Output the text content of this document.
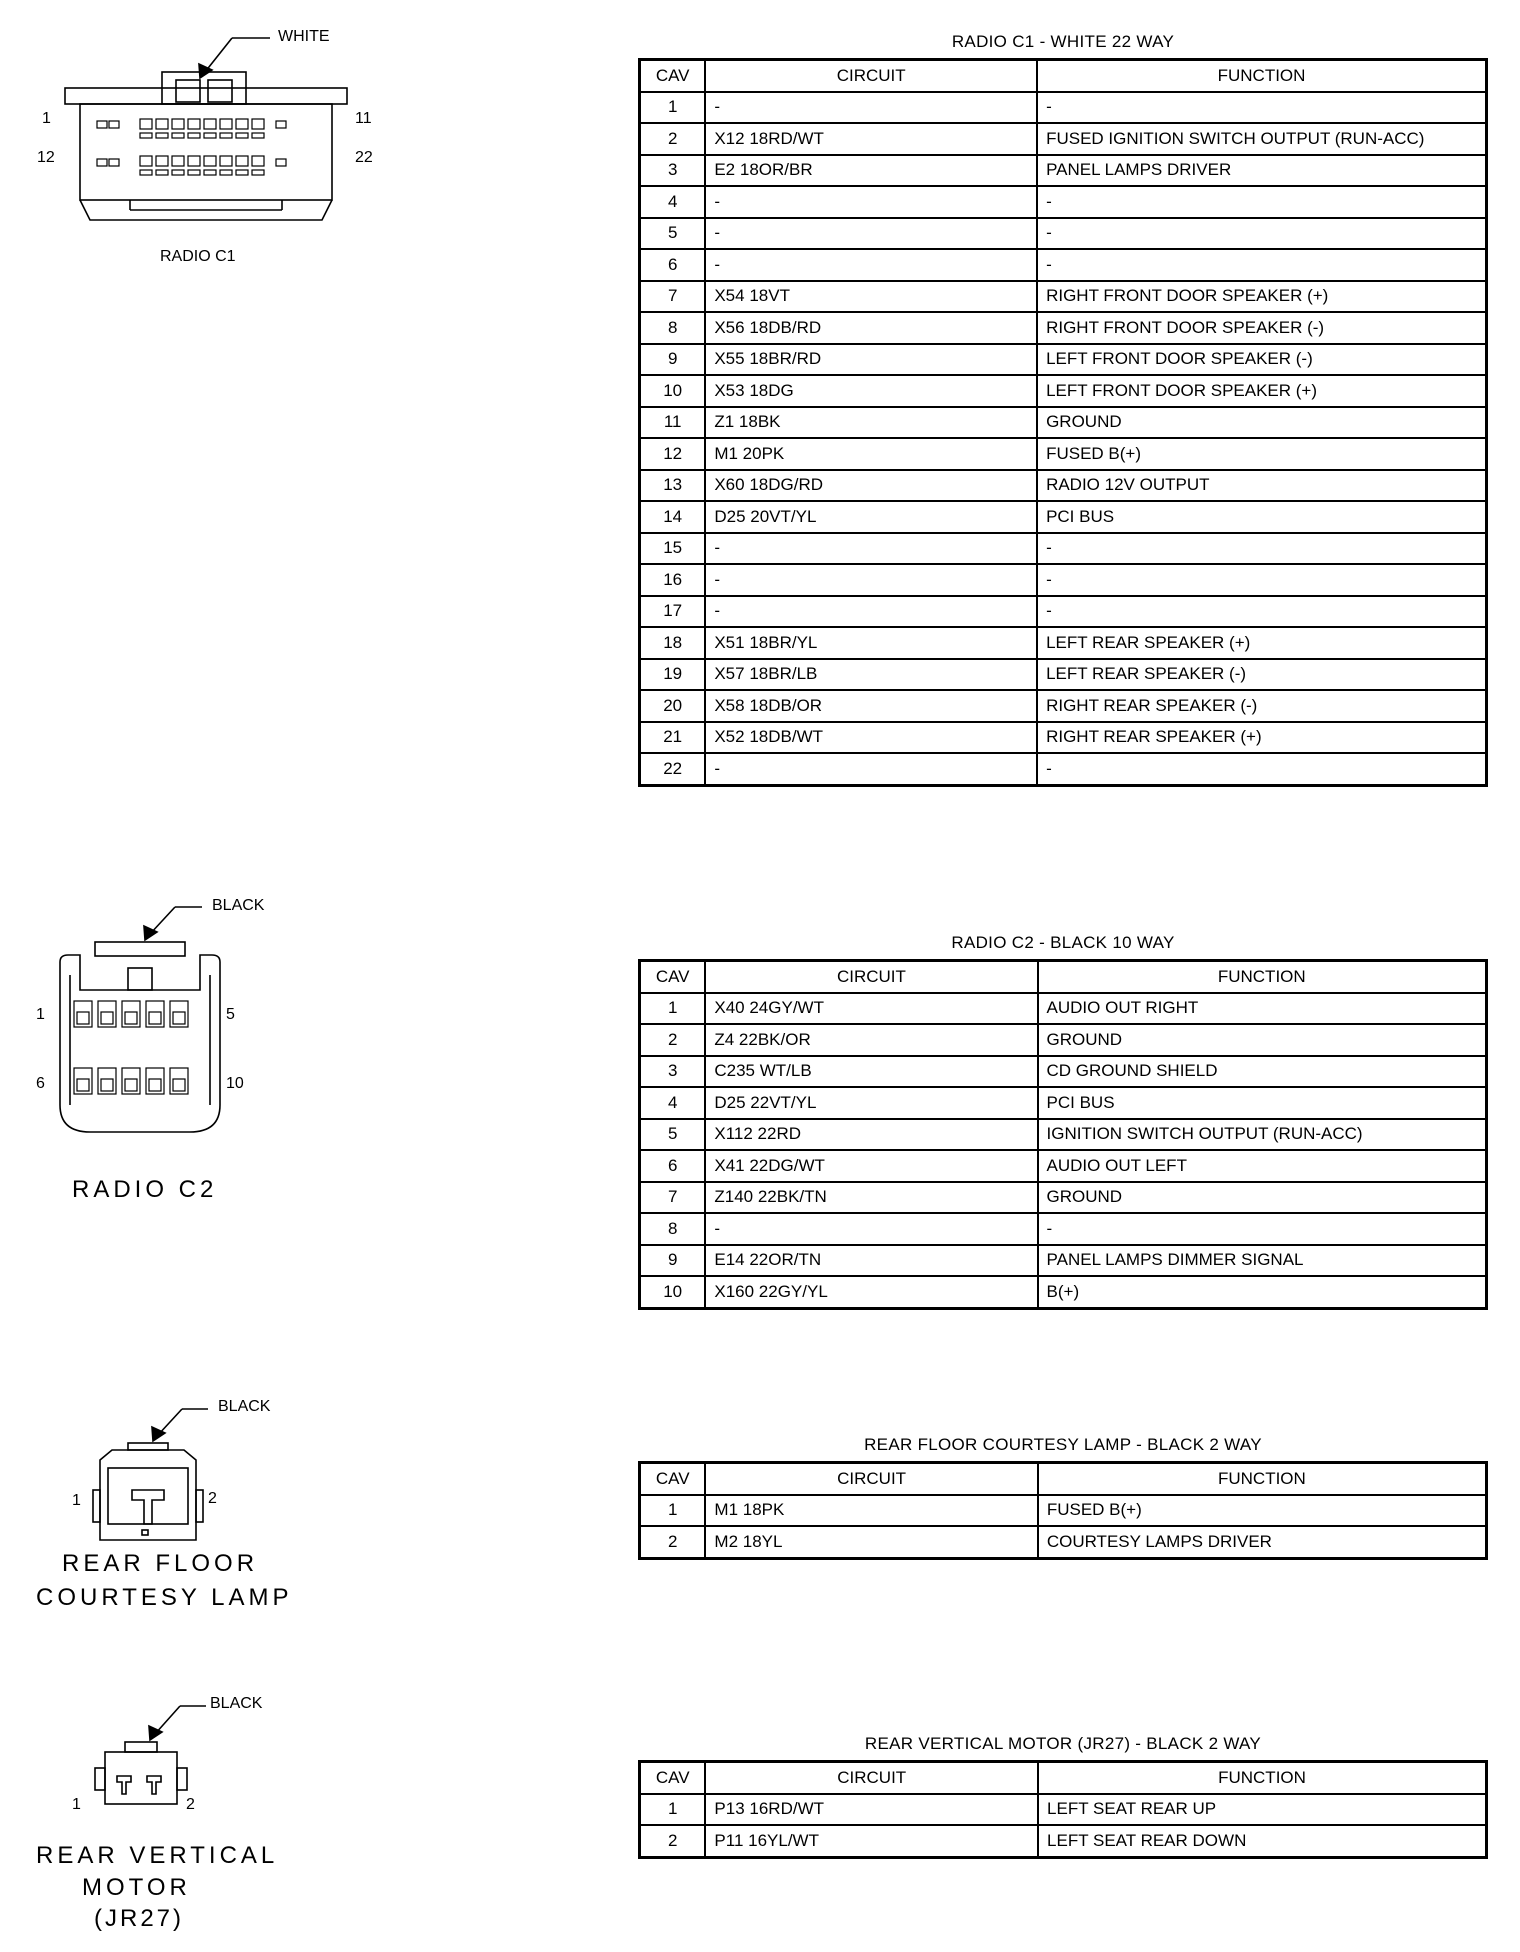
WHITE
1	11
12	22
RADIO C1
BLACK
1	5
6	10
RADIO C2
BLACK
1	2
REAR FLOOR
COURTESY LAMP
BLACK
1	2
REAR VERTICAL
MOTOR
(JR27)
RADIO C1 - WHITE 22 WAY
CAV	CIRCUIT	FUNCTION
1	-	-
2	X12 18RD/WT	FUSED IGNITION SWITCH OUTPUT (RUN-ACC)
3	E2 18OR/BR	PANEL LAMPS DRIVER
4	-	-
5	-	-
6	-	-
7	X54 18VT	RIGHT FRONT DOOR SPEAKER (+)
8	X56 18DB/RD	RIGHT FRONT DOOR SPEAKER (-)
9	X55 18BR/RD	LEFT FRONT DOOR SPEAKER (-)
10	X53 18DG	LEFT FRONT DOOR SPEAKER (+)
11	Z1 18BK	GROUND
12	M1 20PK	FUSED B(+)
13	X60 18DG/RD	RADIO 12V OUTPUT
14	D25 20VT/YL	PCI BUS
15	-	-
16	-	-
17	-	-
18	X51 18BR/YL	LEFT REAR SPEAKER (+)
19	X57 18BR/LB	LEFT REAR SPEAKER (-)
20	X58 18DB/OR	RIGHT REAR SPEAKER (-)
21	X52 18DB/WT	RIGHT REAR SPEAKER (+)
22	-	-
RADIO C2 - BLACK 10 WAY
CAV	CIRCUIT	FUNCTION
1	X40 24GY/WT	AUDIO OUT RIGHT
2	Z4 22BK/OR	GROUND
3	C235 WT/LB	CD GROUND SHIELD
4	D25 22VT/YL	PCI BUS
5	X112 22RD	IGNITION SWITCH OUTPUT (RUN-ACC)
6	X41 22DG/WT	AUDIO OUT LEFT
7	Z140 22BK/TN	GROUND
8	-	-
9	E14 22OR/TN	PANEL LAMPS DIMMER SIGNAL
10	X160 22GY/YL	B(+)
REAR FLOOR COURTESY LAMP - BLACK 2 WAY
CAV	CIRCUIT	FUNCTION
1	M1 18PK	FUSED B(+)
2	M2 18YL	COURTESY LAMPS DRIVER
REAR VERTICAL MOTOR (JR27) - BLACK 2 WAY
CAV	CIRCUIT	FUNCTION
1	P13 16RD/WT	LEFT SEAT REAR UP
2	P11 16YL/WT	LEFT SEAT REAR DOWN
